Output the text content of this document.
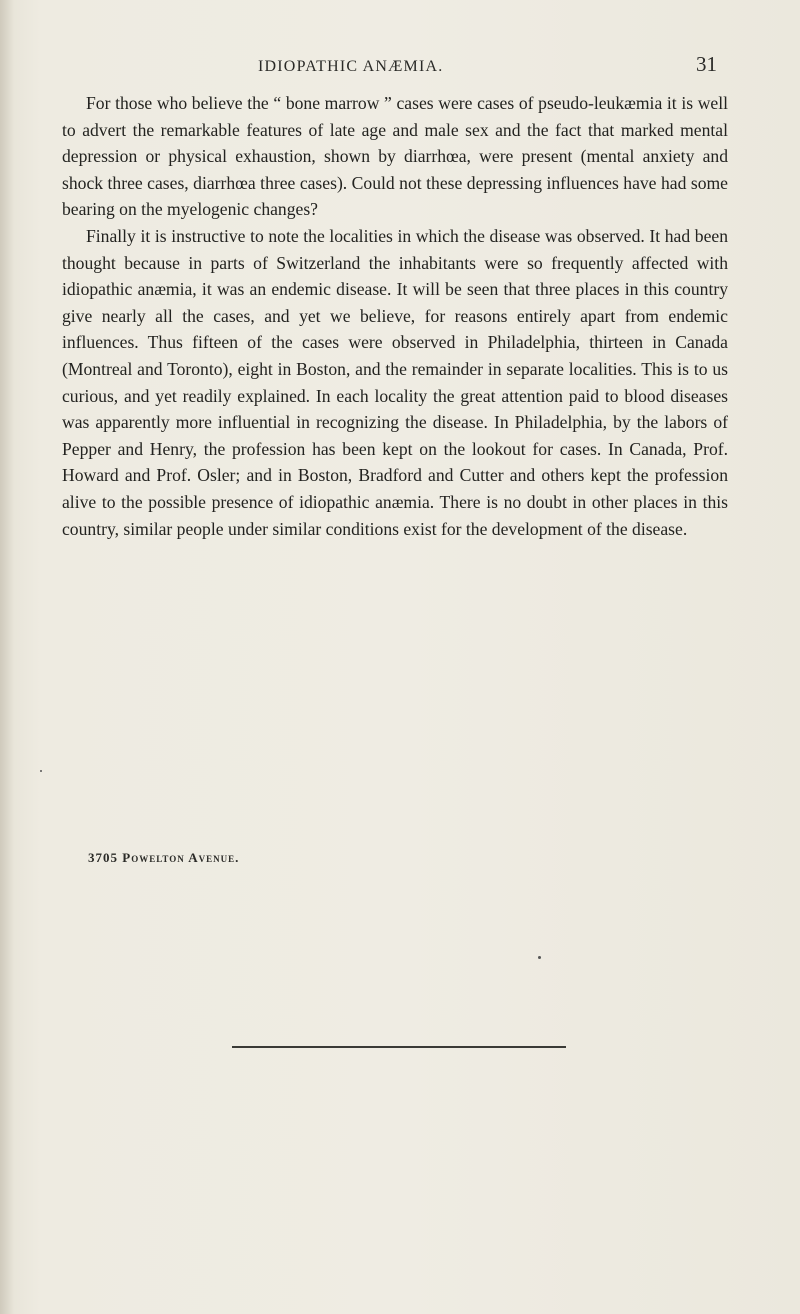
IDIOPATHIC ANÆMIA.	31

For those who believe the “ bone marrow ” cases were cases of pseudo-leukæmia it is well to advert the remarkable features of late age and male sex and the fact that marked mental depression or physical exhaustion, shown by diarrhœa, were present (mental anxiety and shock three cases, diarrhœa three cases). Could not these depressing influences have had some bearing on the myelogenic changes?

Finally it is instructive to note the localities in which the disease was observed. It had been thought because in parts of Switzerland the inhabitants were so frequently affected with idiopathic anæmia, it was an endemic disease. It will be seen that three places in this country give nearly all the cases, and yet we believe, for reasons entirely apart from endemic influences. Thus fifteen of the cases were observed in Philadelphia, thirteen in Canada (Montreal and Toronto), eight in Boston, and the remainder in separate localities. This is to us curious, and yet readily explained. In each locality the great attention paid to blood diseases was apparently more influential in recognizing the disease. In Philadelphia, by the labors of Pepper and Henry, the profession has been kept on the lookout for cases. In Canada, Prof. Howard and Prof. Osler; and in Boston, Bradford and Cutter and others kept the profession alive to the possible presence of idiopathic anæmia. There is no doubt in other places in this country, similar people under similar conditions exist for the development of the disease.

3705 Powelton Avenue.
